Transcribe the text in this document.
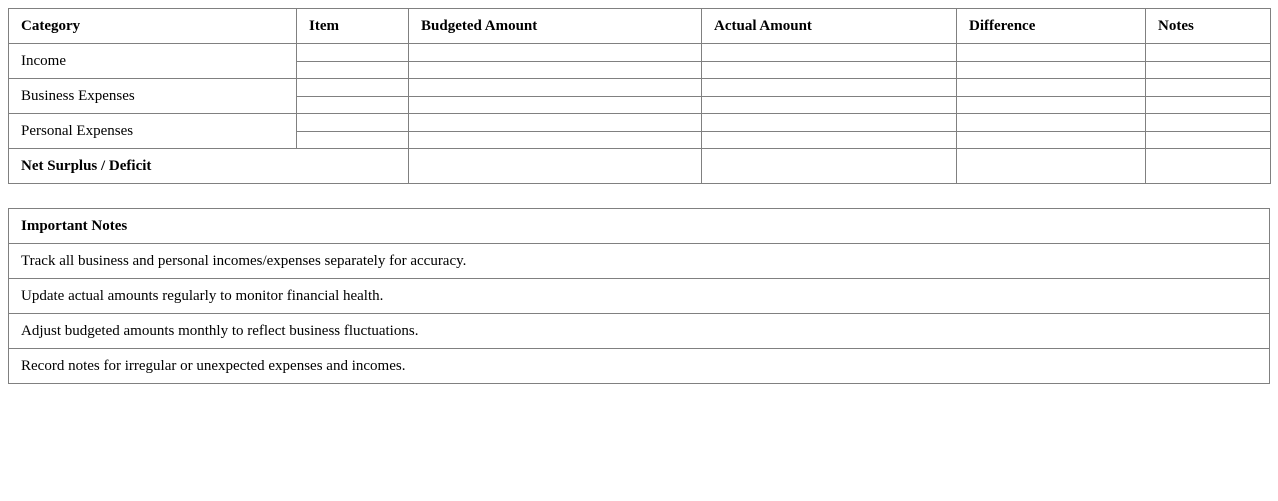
Category	Item	Budgeted Amount	Actual Amount	Difference	Notes
Income					

Business Expenses					

Personal Expenses					

Net Surplus / Deficit					
Important Notes
Track all business and personal incomes/expenses separately for accuracy.
Update actual amounts regularly to monitor financial health.
Adjust budgeted amounts monthly to reflect business fluctuations.
Record notes for irregular or unexpected expenses and incomes.
